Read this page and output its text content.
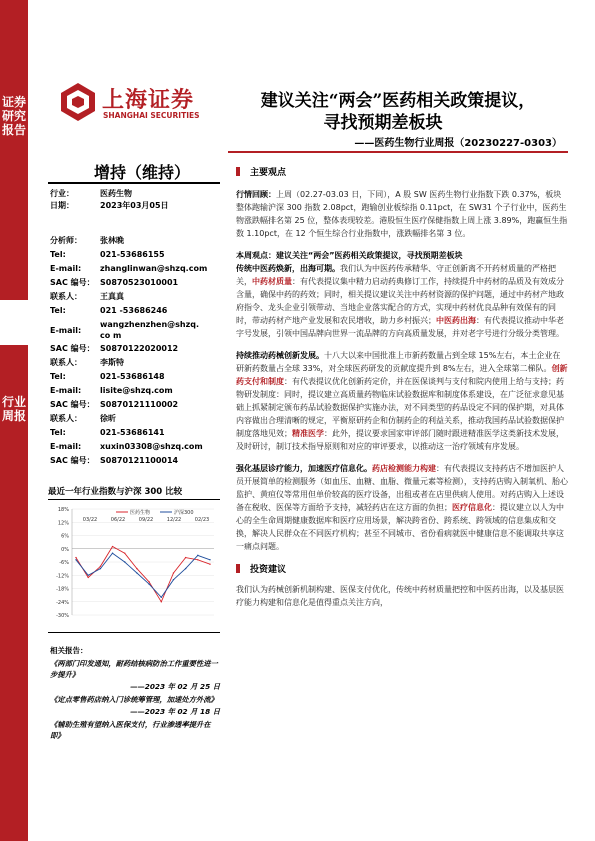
证券研究报告
行业周报
上海证券
SHANGHAI SECURITIES
建议关注“两会”医药相关政策提议，
寻找预期差板块
——医药生物行业周报（20230227-0303）
增持（维持）
行业：	医药生物
日期：	2023年03月05日
分析师：	张林晚
Tel:	021-53686155
E-mail:	zhanglinwan@shzq.com
SAC 编号： S0870523010001
联系人：	王真真
Tel:	021 -53686246
E-mail:
wangzhenzhen@shzq.co m
SAC 编号： S0870122020012
联系人：	李斯特
Tel:	021-53686148
E-mail:	lisite@shzq.com
SAC 编号： S0870121110002
联系人：	徐昕
Tel:	021-53686141
E-mail:	xuxin03308@shzq.com
SAC 编号： S0870121100014
最近一年行业指数与沪深 300 比较
18%
12%
6%
0%
-6%
-12%
-18%
-24%
-30%
03/22	06/22	09/22	12/22	02/23
医药生物	沪深300
相关报告：
《两部门印发通知，耐药结核病防治工作重要性进一步提升》
——2023 年 02 月 25 日
《定点零售药店纳入门诊统筹管理，加速处方外流》
——2023 年 02 月 18 日
《辅助生殖有望纳入医保支付，行业渗透率提升在即》
主要观点

行情回顾：上周（02.27-03.03 日，下同），A 股 SW 医药生物行业指数下跌 0.37%，板块整体跑输沪深 300 指数 2.08pct，跑输创业板综指 0.11pct，在 SW31 个子行业中，医药生物涨跌幅排名第 25 位，整体表现较差。港股恒生医疗保健指数上周上涨 3.89%，跑赢恒生指数 1.10pct，在 12 个恒生综合行业指数中，涨跌幅排名第 3 位。

本周观点：建议关注“两会”医药相关政策提议，寻找预期差板块

传统中医药焕新，出海可期。我们认为中医药传承精华、守正创新离不开药材质量的严格把关，中药材质量：有代表提议集中精力启动药典修订工作，持续提升中药材的品质及有效成分含量，确保中药的药效；同时，相关提议建议关注中药材资源的保护问题，通过中药材产地政府指令、龙头企业引领带动、当地企业落实配合的方式，实现中药材优良品种有效保有的同时，带动药材产地产业发展和农民增收，助力乡村振兴；中医药出海：有代表提议推动中华老字号发展，引领中国品牌向世界一流品牌的方向高质量发展，并对老字号进行分级分类管理。

持续推动药械创新发展。十八大以来中国批准上市新药数量占到全球 15%左右，本土企业在研新药数量占全球 33%，对全球医药研发的贡献度提升到 8%左右，进入全球第二梯队。创新药支付和制度：有代表提议优化创新药定价，并在医保谈判与支付和院内使用上给与支持；药物研发制度：同时，提议建立高质量药物临床试验数据库和制度体系建设，在广泛征求意见基础上抓紧制定颁布药品试验数据保护实施办法，对不同类型的药品设定不同的保护期，对具体内容做出合理清晰的规定，平衡原研药企和仿制药企的利益关系，推动我国药品试验数据保护制度落地见效；精准医学：此外，提议要求国家审评部门随时跟进精准医学这类新技术发展，及时研讨，制订技术指导原则和对应的审评要求，以推动这一治疗领域有序发展。

强化基层诊疗能力，加速医疗信息化。药店检测能力构建：有代表提议支持药店不增加医护人员开展简单的检测服务（如血压、血糖、血脂、微量元素等检测），支持药店购入制氧机、胎心监护、黄疸仪等常用但单价较高的医疗设备，出租或者在店里供病人使用。对药店购入上述设备在税收、医保等方面给予支持，减轻药店在这方面的负担；医疗信息化：提议建立以人为中心的全生命周期健康数据库和医疗应用场景，解决跨省份、跨系统、跨领域的信息集成和交换，解决人民群众在不同医疗机构；甚至不同城市、省份看病就医中健康信息不能调取共享这一痛点问题。

投资建议

我们认为药械创新机制构建、医保支付优化，传统中药材质量把控和中医药出海，以及基层医疗能力构建和信息化是值得重点关注方向，
